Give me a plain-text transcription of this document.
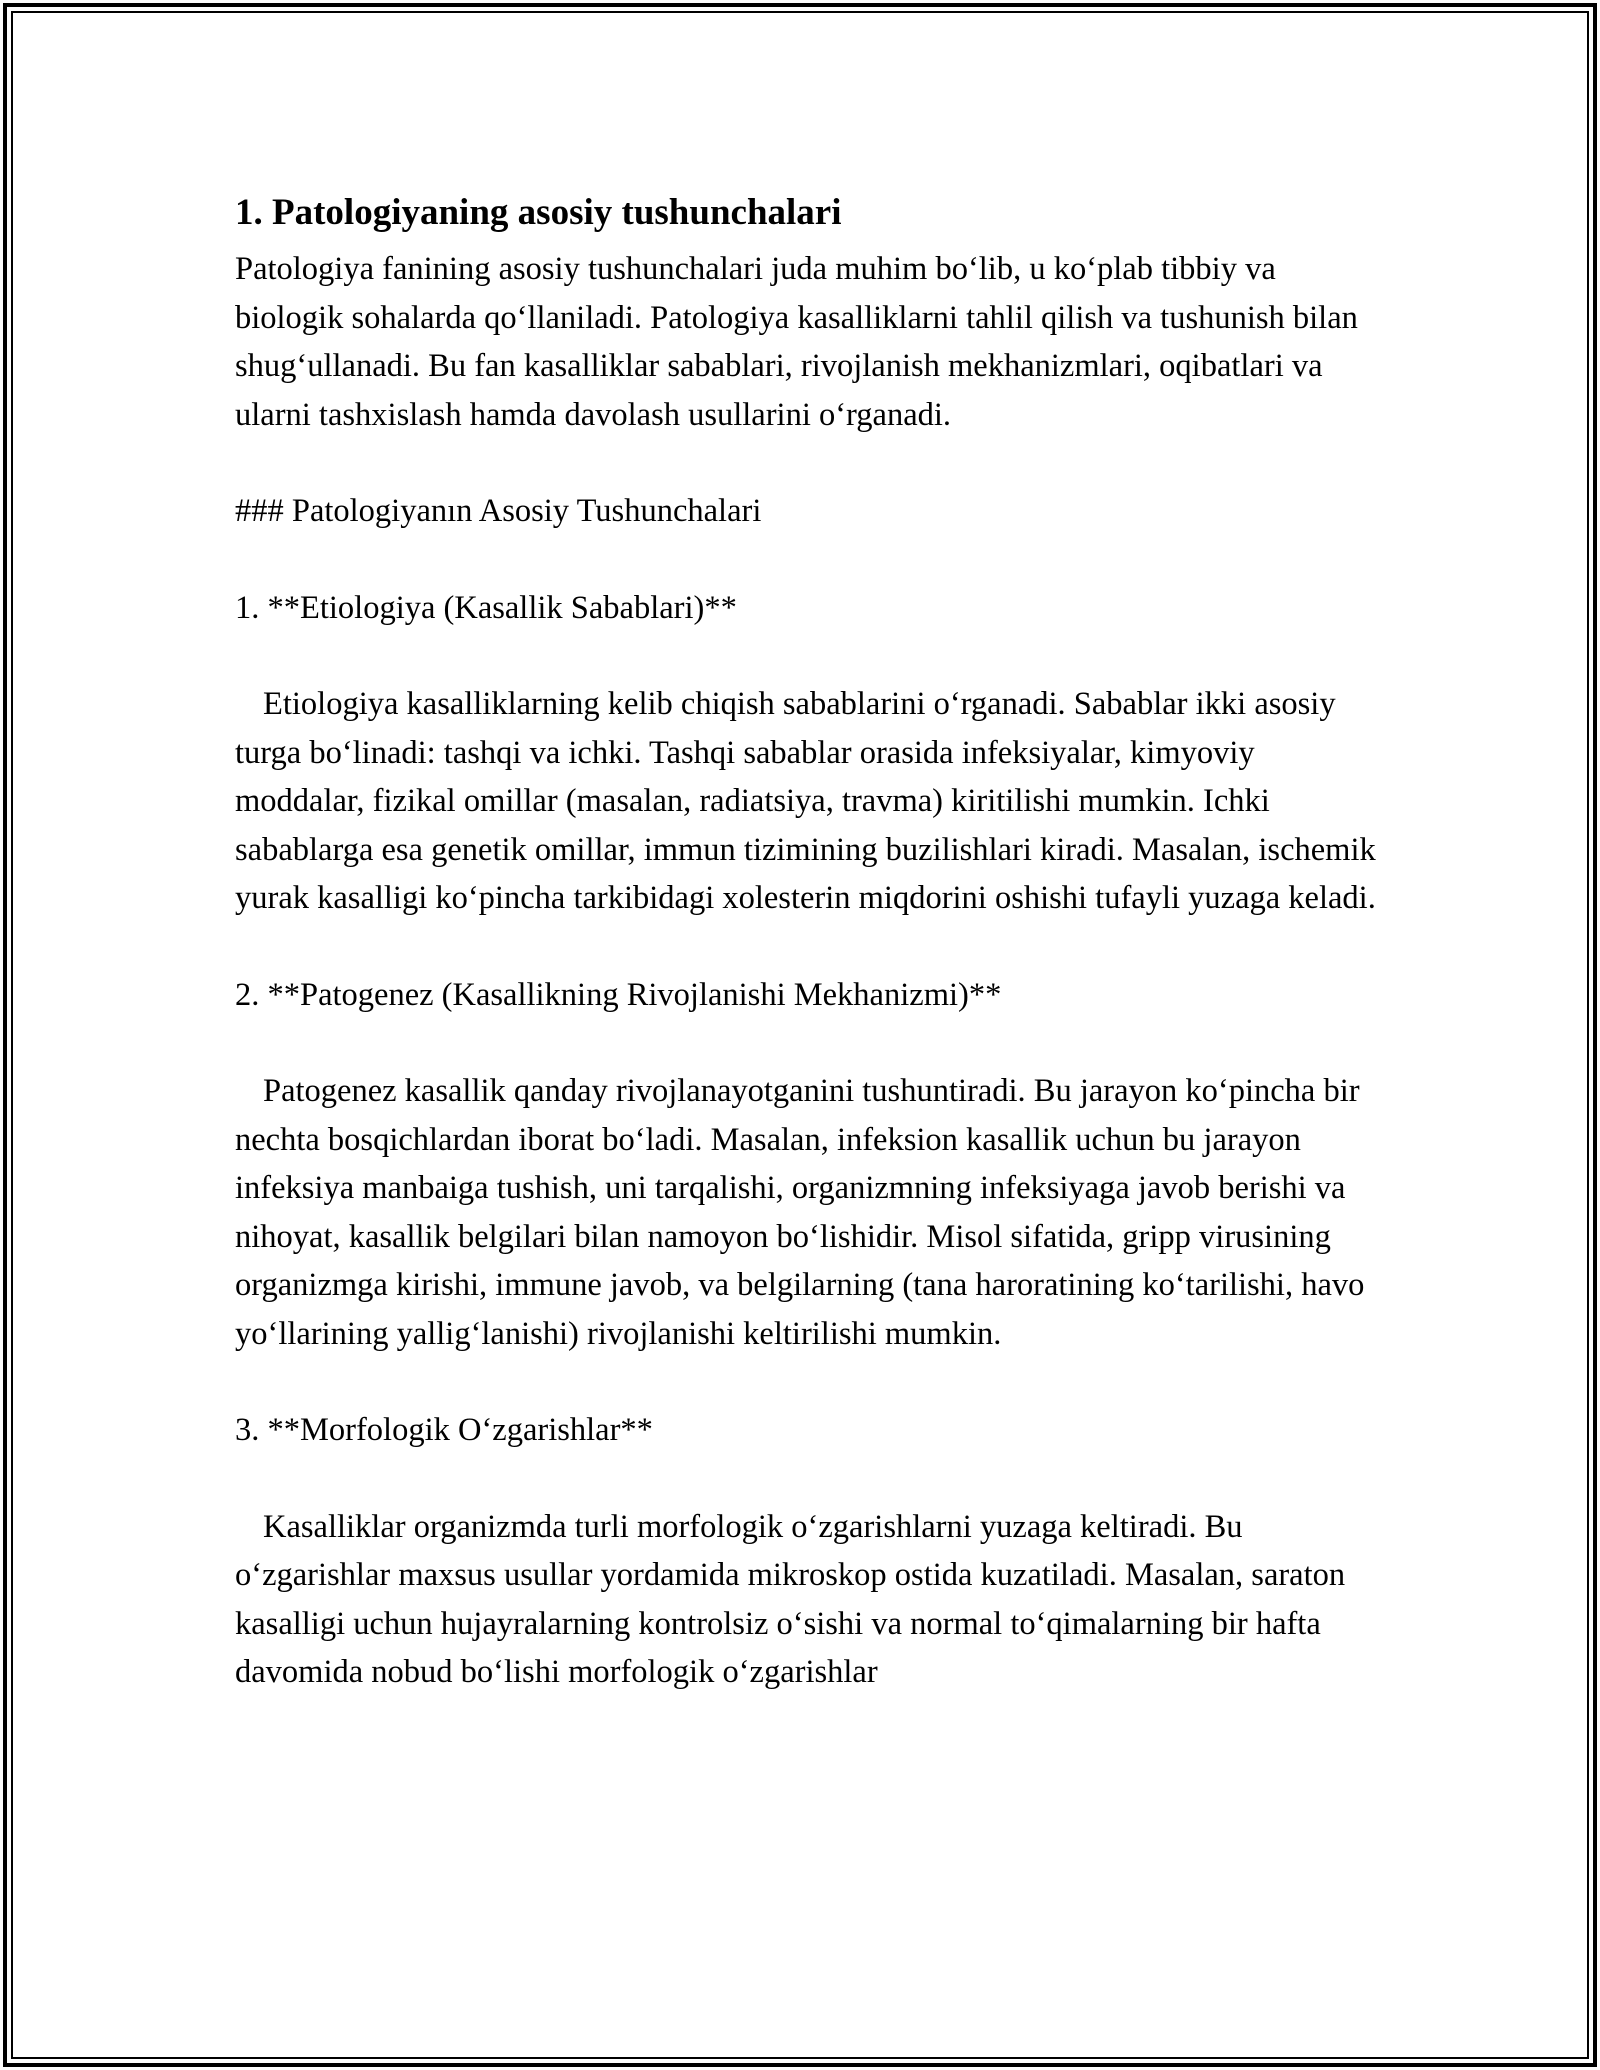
1. Patologiyaning asosiy tushunchalari

Patologiya fanining asosiy tushunchalari juda muhim bo‘lib, u ko‘plab tibbiy va biologik sohalarda qo‘llaniladi. Patologiya kasalliklarni tahlil qilish va tushunish bilan shug‘ullanadi. Bu fan kasalliklar sabablari, rivojlanish mekhanizmlari, oqibatlari va ularni tashxislash hamda davolash usullarini o‘rganadi.

### Patologiyanın Asosiy Tushunchalari

1. **Etiologiya (Kasallik Sabablari)**

Etiologiya kasalliklarning kelib chiqish sabablarini o‘rganadi. Sabablar ikki asosiy turga bo‘linadi: tashqi va ichki. Tashqi sabablar orasida infeksiyalar, kimyoviy moddalar, fizikal omillar (masalan, radiatsiya, travma) kiritilishi mumkin. Ichki sabablarga esa genetik omillar, immun tizimining buzilishlari kiradi. Masalan, ischemik yurak kasalligi ko‘pincha tarkibidagi xolesterin miqdorini oshishi tufayli yuzaga keladi.

2. **Patogenez (Kasallikning Rivojlanishi Mekhanizmi)**

Patogenez kasallik qanday rivojlanayotganini tushuntiradi. Bu jarayon ko‘pincha bir nechta bosqichlardan iborat bo‘ladi. Masalan, infeksion kasallik uchun bu jarayon infeksiya manbaiga tushish, uni tarqalishi, organizmning infeksiyaga javob berishi va nihoyat, kasallik belgilari bilan namoyon bo‘lishidir. Misol sifatida, gripp virusining organizmga kirishi, immune javob, va belgilarning (tana haroratining ko‘tarilishi, havo yo‘llarining yallig‘lanishi) rivojlanishi keltirilishi mumkin.

3. **Morfologik O‘zgarishlar**

Kasalliklar organizmda turli morfologik o‘zgarishlarni yuzaga keltiradi. Bu o‘zgarishlar maxsus usullar yordamida mikroskop ostida kuzatiladi. Masalan, saraton kasalligi uchun hujayralarning kontrolsiz o‘sishi va normal to‘qimalarning bir hafta davomida nobud bo‘lishi morfologik o‘zgarishlar
